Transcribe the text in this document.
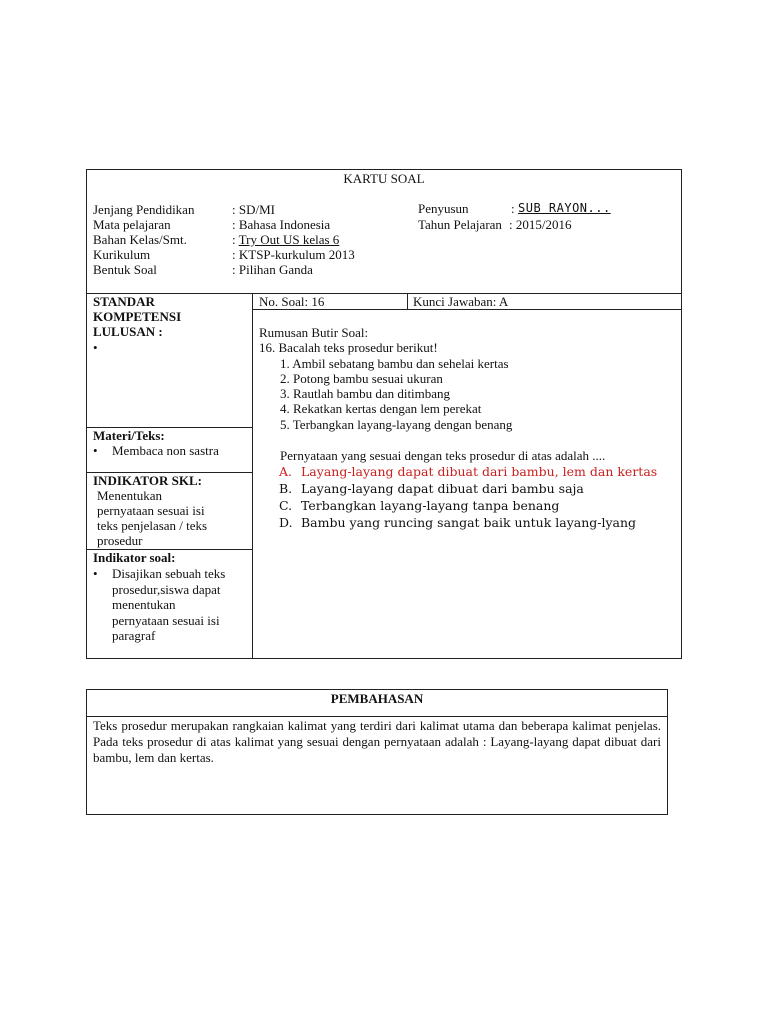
KARTU SOAL
Jenjang Pendidikan	: SD/MI
Mata pelajaran	: Bahasa Indonesia
Bahan Kelas/Smt.	: Try Out US kelas 6
Kurikulum	: KTSP-kurkulum 2013
Bentuk Soal	: Pilihan Ganda
Penyusun	: SUB RAYON...
Tahun Pelajaran : 2015/2016
STANDAR
KOMPETENSI
LULUSAN :
•
Materi/Teks:
• Membaca non sastra
INDIKATOR SKL:
Menentukan
pernyataan sesuai isi
teks penjelasan / teks
prosedur
Indikator soal:
• Disajikan sebuah teks
prosedur,siswa dapat
menentukan
pernyataan sesuai isi
paragraf
No. Soal: 16	Kunci Jawaban: A
Rumusan Butir Soal:
16. Bacalah teks prosedur berikut!
1. Ambil sebatang bambu dan sehelai kertas
2. Potong bambu sesuai ukuran
3. Rautlah bambu dan ditimbang
4. Rekatkan kertas dengan lem perekat
5. Terbangkan layang-layang dengan benang
Pernyataan yang sesuai dengan teks prosedur di atas adalah ....
A. Layang-layang dapat dibuat dari bambu, lem dan kertas
B. Layang-layang dapat dibuat dari bambu saja
C. Terbangkan layang-layang tanpa benang
D. Bambu yang runcing sangat baik untuk layang-lyang
PEMBAHASAN
Teks prosedur merupakan rangkaian kalimat yang terdiri dari kalimat utama dan beberapa kalimat penjelas. Pada teks prosedur di atas kalimat yang sesuai dengan pernyataan adalah : Layang-layang dapat dibuat dari bambu, lem dan kertas.
